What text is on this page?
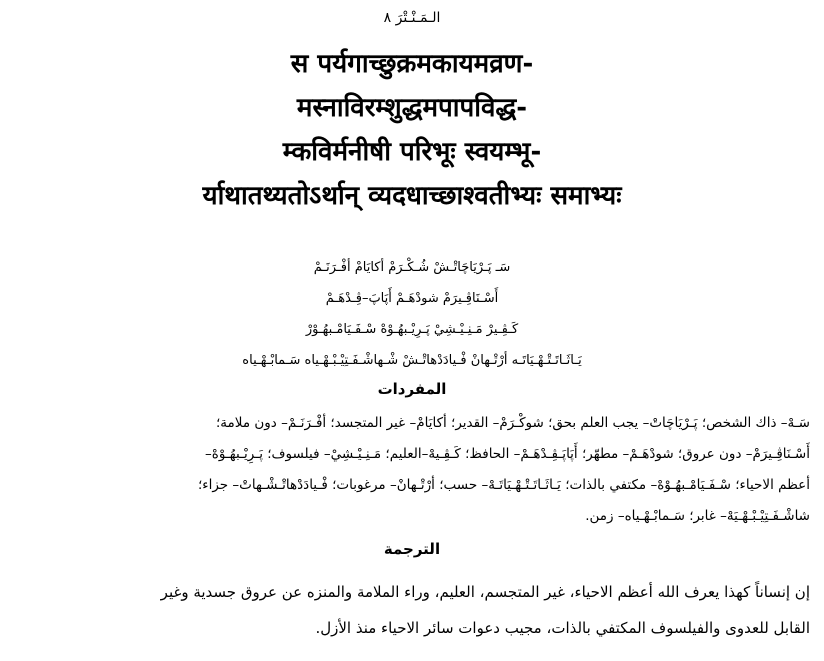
الـمَـنْـتْرَ ٨
स पर्यगाच्छुक्रमकायमव्रण-
मस्नाविरम्शुद्धमपापविद्ध-
म्कविर्मनीषी परिभूः स्वयम्भू-
र्याथातथ्यतोऽर्थान् व्यदधाच्छाश्वतीभ्यः समाभ्यः
سَـ پَـرْيَاچَاتْـشْ شُـكْـرَمْ أكايَامْ أفْـرَنَـمْ
أَسْـنَاڤِـيرَمْ شودْهَـمْ أَپَاپَ–ڤِـدْهَـمْ
كَـڤِـيرْ مَـنِـيْـشِيْ پَـرِيْـبهُـوْهْ سْـفَـيَامْـبهُـوْرْ
يَـاثَـاتَـتْـهْـيَاتَـه أرْتْـهانْ فْـيادَدْهاتْـشْ شْـهاشْـفَـتِيْـبْـهْـياه سَـمابْـهْـياه
المفردات
سَـهْ– ذاك الشخص؛ پَـرْيَاچَاتْ– يجب العلم بحق؛ شوكْـرَمْ– القدير؛ أكايَامْ– غير المتجسد؛ أفْـرَنَـمْ– دون ملامة؛
أَسْـنَاڤِـيرَمْ– دون عروق؛ شودْهَـمْ– مطهّر؛ أَپَاپَـڤِـدْهَـمْ– الحافظ؛ كَـڤِـيهْ–العليم؛ مَـنِـيْـشِيْ– فيلسوف؛ پَـرِيْـبهُـوْهْ–
أعظم الاحياء؛ سْـفَـيَامْـبهُـوْهْ– مكتفي بالذات؛ يَـاثَـاتَـتْـهْـيَاتَـهْ– حسب؛ أرْتْـهانْ– مرغوبات؛ فْـيادَدْهاتْـشْـهاتْ– جزاء؛
شاشْـفَـتِيْـبْـهْـيَهْ– غابر؛ سَـمابْـهْـياه– زمن.
الترجمة
إن إنساناً كهذا يعرف الله أعظم الاحياء، غير المتجسم، العليم، وراء الملامة والمنزه عن عروق جسدية وغير
القابل للعدوى والفيلسوف المكتفي بالذات، مجيب دعوات سائر الاحياء منذ الأزل.
